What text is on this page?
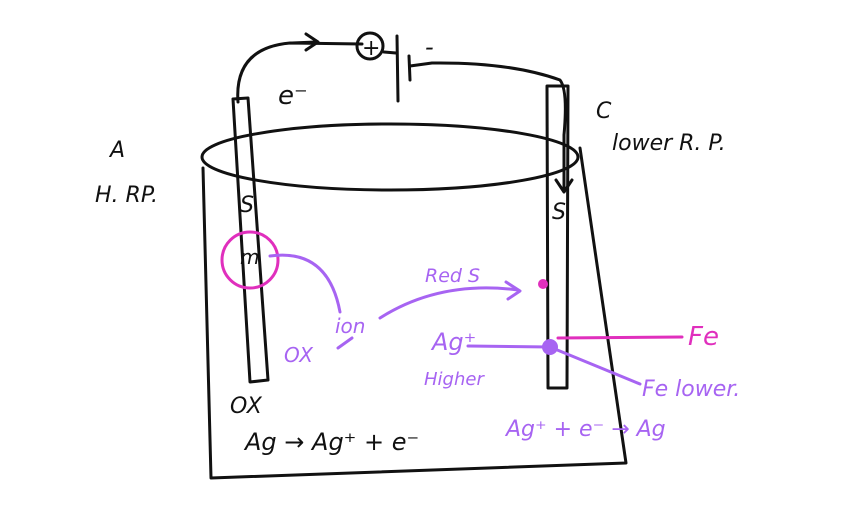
S
m
S
+ -
e⁻
A
H. RP.
C
lower R. P.
OX
Ag → Ag⁺ + e⁻
ion
OX
Red S
Ag⁺
Higher	Fe lower.
Ag⁺ + e⁻ → Ag
Fe
